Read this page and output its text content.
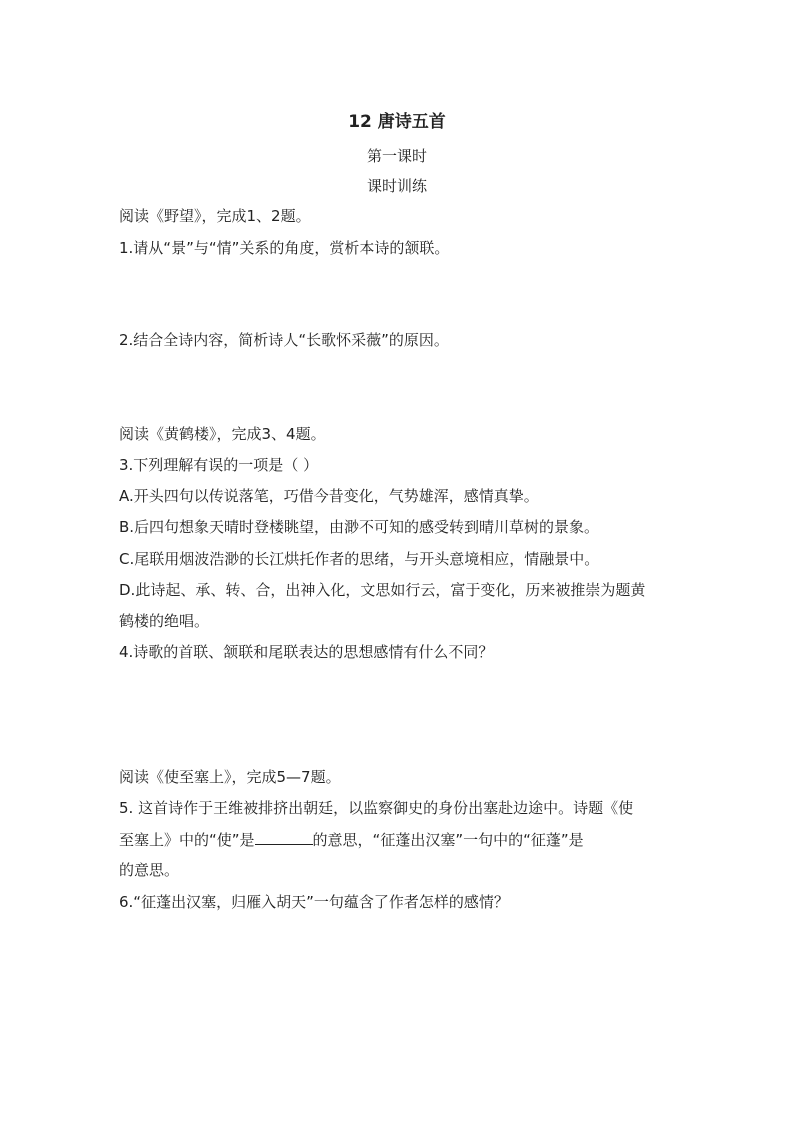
12 唐诗五首
第一课时
课时训练
阅读《野望》，完成1、2题。
1.请从“景”与“情”关系的角度，赏析本诗的颔联。
2.结合全诗内容，简析诗人“长歌怀采薇”的原因。
阅读《黄鹤楼》，完成3、4题。
3.下列理解有误的一项是（ ）
A.开头四句以传说落笔，巧借今昔变化，气势雄浑，感情真挚。
B.后四句想象天晴时登楼眺望，由渺不可知的感受转到晴川草树的景象。
C.尾联用烟波浩渺的长江烘托作者的思绪，与开头意境相应，情融景中。
D.此诗起、承、转、合，出神入化，文思如行云，富于变化，历来被推崇为题黄
鹤楼的绝唱。
4.诗歌的首联、颔联和尾联表达的思想感情有什么不同？
阅读《使至塞上》，完成5—7题。
5. 这首诗作于王维被排挤出朝廷，以监察御史的身份出塞赴边途中。诗题《使
至塞上》中的“使”是	的意思，“征蓬出汉塞”一句中的“征蓬”是
的意思。
6.“征蓬出汉塞，归雁入胡天”一句蕴含了作者怎样的感情？
